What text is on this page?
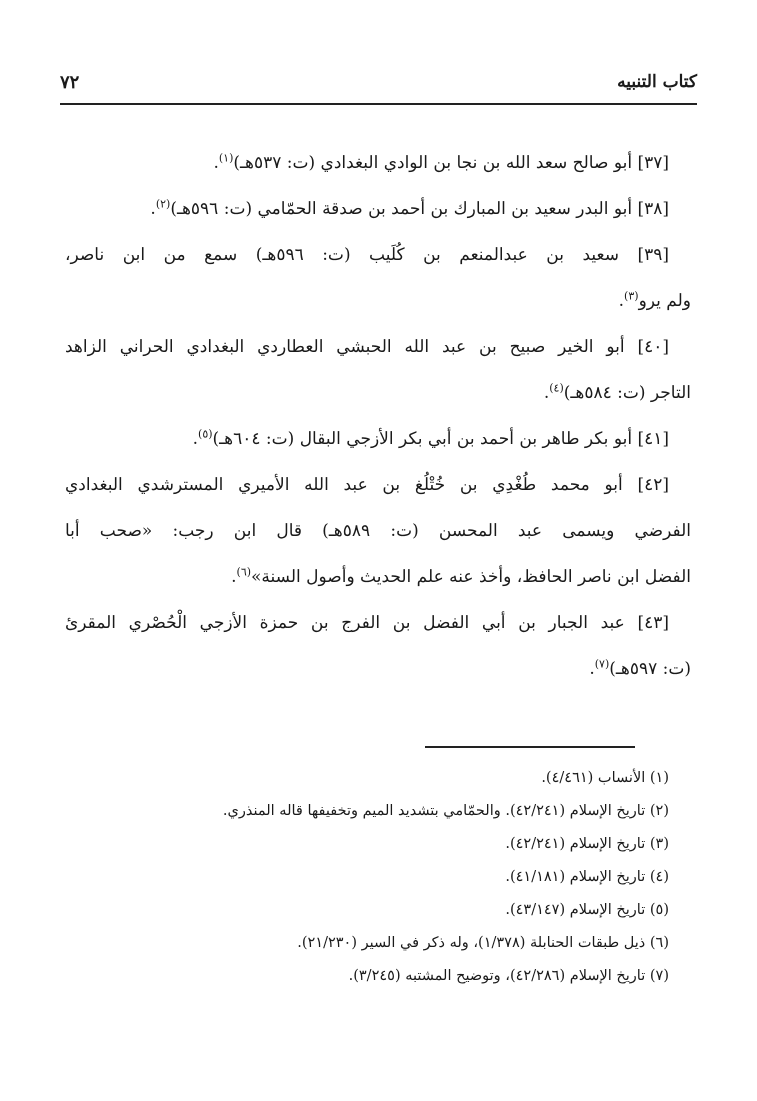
كتاب التنبيه
٧٢
[٣٧] أبو صالح سعد الله بن نجا بن الوادي البغدادي (ت: ٥٣٧هـ)$^{(١)}$.
[٣٨] أبو البدر سعيد بن المبارك بن أحمد بن صدقة الحمّامي (ت: ٥٩٦هـ)$^{(٢)}$.
[٣٩] سعيد بن عبدالمنعم بن كُلَيب (ت: ٥٩٦هـ) سمع من ابن ناصر،
ولم يرو$^{(٣)}$.
[٤٠] أبو الخير صبيح بن عبد الله الحبشي العطاردي البغدادي الحراني الزاهد
التاجر (ت: ٥٨٤هـ)$^{(٤)}$.
[٤١] أبو بكر طاهر بن أحمد بن أبي بكر الأزجي البقال (ت: ٦٠٤هـ)$^{(٥)}$.
[٤٢] أبو محمد طُغْدِي بن خُتْلُغ بن عبد الله الأميري المسترشدي البغدادي
الفرضي ويسمى عبد المحسن (ت: ٥٨٩هـ) قال ابن رجب: «صحب أبا
الفضل ابن ناصر الحافظ، وأخذ عنه علم الحديث وأصول السنة»$^{(٦)}$.
[٤٣] عبد الجبار بن أبي الفضل بن الفرج بن حمزة الأزجي الْحُصْري المقرئ
(ت: ٥٩٧هـ)$^{(٧)}$.
(١) الأنساب (٤/٤٦١).
(٢) تاريخ الإسلام (٤٢/٢٤١). والحمّامي بتشديد الميم وتخفيفها قاله المنذري.
(٣) تاريخ الإسلام (٤٢/٢٤١).
(٤) تاريخ الإسلام (٤١/١٨١).
(٥) تاريخ الإسلام (٤٣/١٤٧).
(٦) ذيل طبقات الحنابلة (١/٣٧٨)، وله ذكر في السير (٢١/٢٣٠).
(٧) تاريخ الإسلام (٤٢/٢٨٦)، وتوضيح المشتبه (٣/٢٤٥).
